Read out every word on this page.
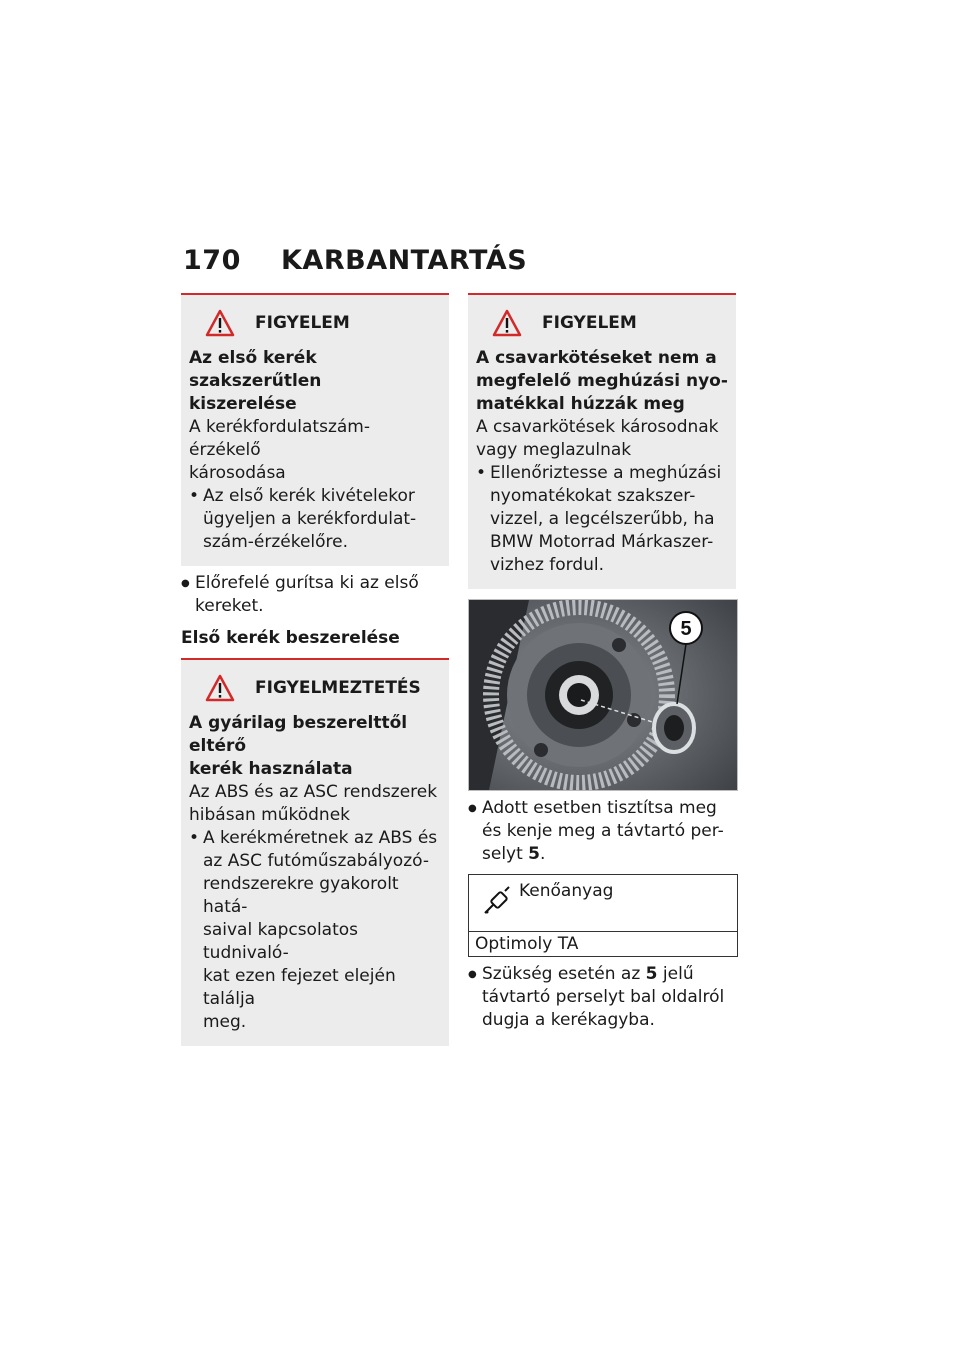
170 KARBANTARTÁS
FIGYELEM
Az első kerék szakszerűtlen
kiszerelése
A kerékfordulatszám-érzékelő
károsodása
• Az első kerék kivételekor
ügyeljen a kerékfordulat-
szám-érzékelőre.
● Előrefelé gurítsa ki az első
kereket.
Első kerék beszerelése
FIGYELMEZTETÉS
A gyárilag beszerelttől eltérő
kerék használata
Az ABS és az ASC rendszerek
hibásan működnek
• A kerékméretnek az ABS és
az ASC futóműszabályozó-
rendszerekre gyakorolt hatá-
saival kapcsolatos tudnivaló-
kat ezen fejezet elején találja
meg.
FIGYELEM
A csavarkötéseket nem a
megfelelő meghúzási nyo-
matékkal húzzák meg
A csavarkötések károsodnak
vagy meglazulnak
• Ellenőriztesse a meghúzási
nyomatékokat szakszer-
vizzel, a legcélszerűbb, ha
BMW Motorrad Márkaszer-
vizhez fordul.
5
● Adott esetben tisztítsa meg
és kenje meg a távtartó per-
selyt 5.
Kenőanyag
Optimoly TA
● Szükség esetén az 5 jelű
távtartó perselyt bal oldalról
dugja a kerékagyba.
